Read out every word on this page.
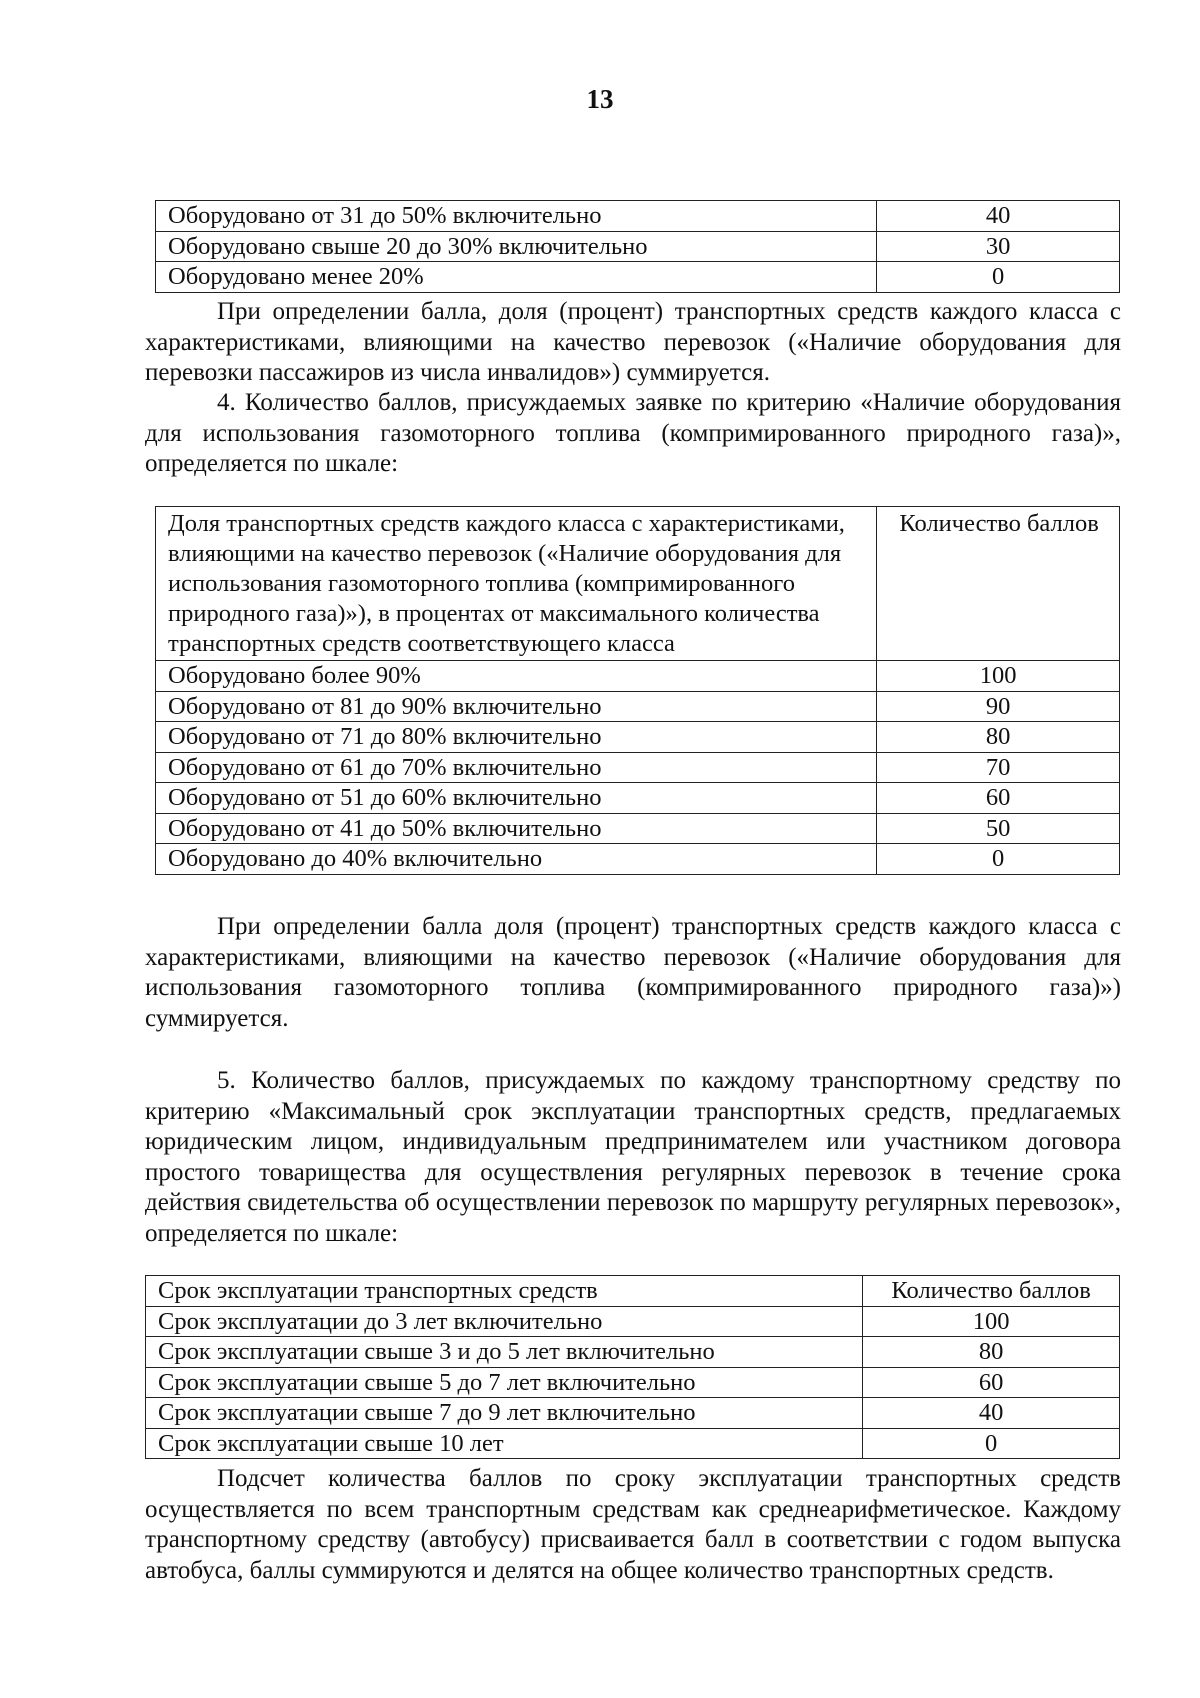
13
Оборудовано от 31 до 50% включительно	40
Оборудовано свыше 20 до 30% включительно	30
Оборудовано менее 20%	0

При определении балла, доля (процент) транспортных средств каждого класса с характеристиками, влияющими на качество перевозок («Наличие оборудования для перевозки пассажиров из числа инвалидов») суммируется.

4. Количество баллов, присуждаемых заявке по критерию «Наличие оборудования для использования газомоторного топлива (компримированного природного газа)», определяется по шкале:

Доля транспортных средств каждого класса с характеристиками, влияющими на качество перевозок («Наличие оборудования для использования газомоторного топлива (компримированного природного газа)»), в процентах от максимального количества транспортных средств соответствующего класса	Количество баллов
Оборудовано более 90%	100
Оборудовано от 81 до 90% включительно	90
Оборудовано от 71 до 80% включительно	80
Оборудовано от 61 до 70% включительно	70
Оборудовано от 51 до 60% включительно	60
Оборудовано от 41 до 50% включительно	50
Оборудовано до 40% включительно	0

При определении балла доля (процент) транспортных средств каждого класса с характеристиками, влияющими на качество перевозок («Наличие оборудования для использования газомоторного топлива (компримированного природного газа)») суммируется.

5. Количество баллов, присуждаемых по каждому транспортному средству по критерию «Максимальный срок эксплуатации транспортных средств, предлагаемых юридическим лицом, индивидуальным предпринимателем или участником договора простого товарищества для осуществления регулярных перевозок в течение срока действия свидетельства об осуществлении перевозок по маршруту регулярных перевозок», определяется по шкале:

Срок эксплуатации транспортных средств	Количество баллов
Срок эксплуатации до 3 лет включительно	100
Срок эксплуатации свыше 3 и до 5 лет включительно	80
Срок эксплуатации свыше 5 до 7 лет включительно	60
Срок эксплуатации свыше 7 до 9 лет включительно	40
Срок эксплуатации свыше 10 лет	0

Подсчет количества баллов по сроку эксплуатации транспортных средств осуществляется по всем транспортным средствам как среднеарифметическое. Каждому транспортному средству (автобусу) присваивается балл в соответствии с годом выпуска автобуса, баллы суммируются и делятся на общее количество транспортных средств.
